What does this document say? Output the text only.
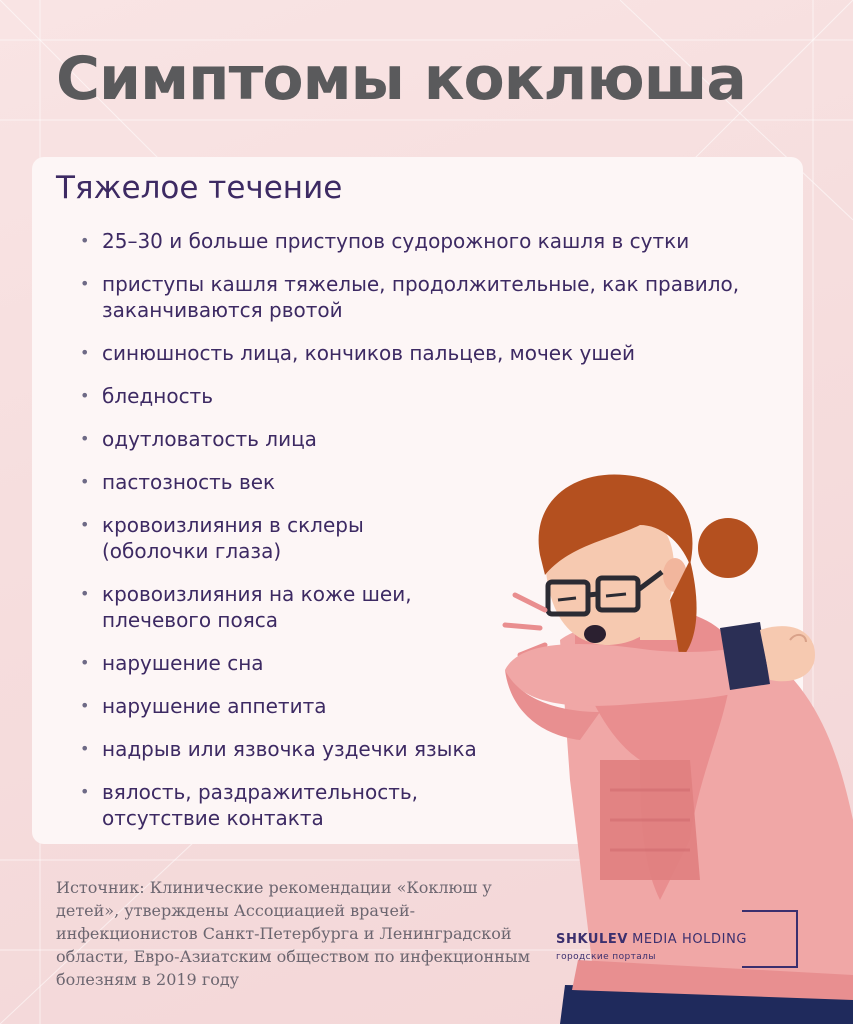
Симптомы коклюша
Тяжелое течение
• 25–30 и больше приступов судорожного кашля в сутки
• приступы кашля тяжелые, продолжительные, как правило, заканчиваются рвотой
• синюшность лица, кончиков пальцев, мочек ушей
• бледность
• одутловатость лица
• пастозность век
• кровоизлияния в склеры (оболочки глаза)
• кровоизлияния на коже шеи, плечевого пояса
• нарушение сна
• нарушение аппетита
• надрыв или язвочка уздечки языка
• вялость, раздражительность, отсутствие контакта

Источник: Клинические рекомендации «Коклюш у детей», утверждены Ассоциацией врачей-инфекционистов Санкт-Петербурга и Ленинградской области, Евро-Азиатским обществом по инфекционным болезням в 2019 году

SHKULEV MEDIA HOLDING
городские порталы
